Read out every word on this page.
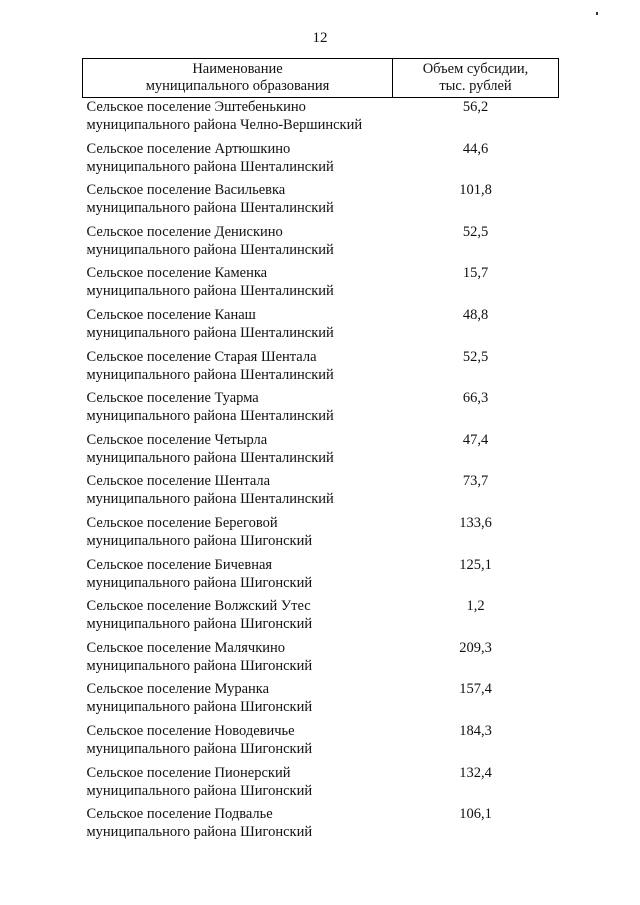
12
Наименование
муниципального образования	Объем субсидии,
тыс. рублей

Сельское поселение Эштебенькино
муниципального района Челно-Вершинский	56,2

Сельское поселение Артюшкино
муниципального района Шенталинский	44,6

Сельское поселение Васильевка
муниципального района Шенталинский	101,8

Сельское поселение Денискино
муниципального района Шенталинский	52,5

Сельское поселение Каменка
муниципального района Шенталинский	15,7

Сельское поселение Канаш
муниципального района Шенталинский	48,8

Сельское поселение Старая Шентала
муниципального района Шенталинский	52,5

Сельское поселение Туарма
муниципального района Шенталинский	66,3

Сельское поселение Четырла
муниципального района Шенталинский	47,4

Сельское поселение Шентала
муниципального района Шенталинский	73,7

Сельское поселение Береговой
муниципального района Шигонский	133,6

Сельское поселение Бичевная
муниципального района Шигонский	125,1

Сельское поселение Волжский Утес
муниципального района Шигонский	1,2

Сельское поселение Малячкино
муниципального района Шигонский	209,3

Сельское поселение Муранка
муниципального района Шигонский	157,4

Сельское поселение Новодевичье
муниципального района Шигонский	184,3

Сельское поселение Пионерский
муниципального района Шигонский	132,4

Сельское поселение Подвалье
муниципального района Шигонский	106,1
